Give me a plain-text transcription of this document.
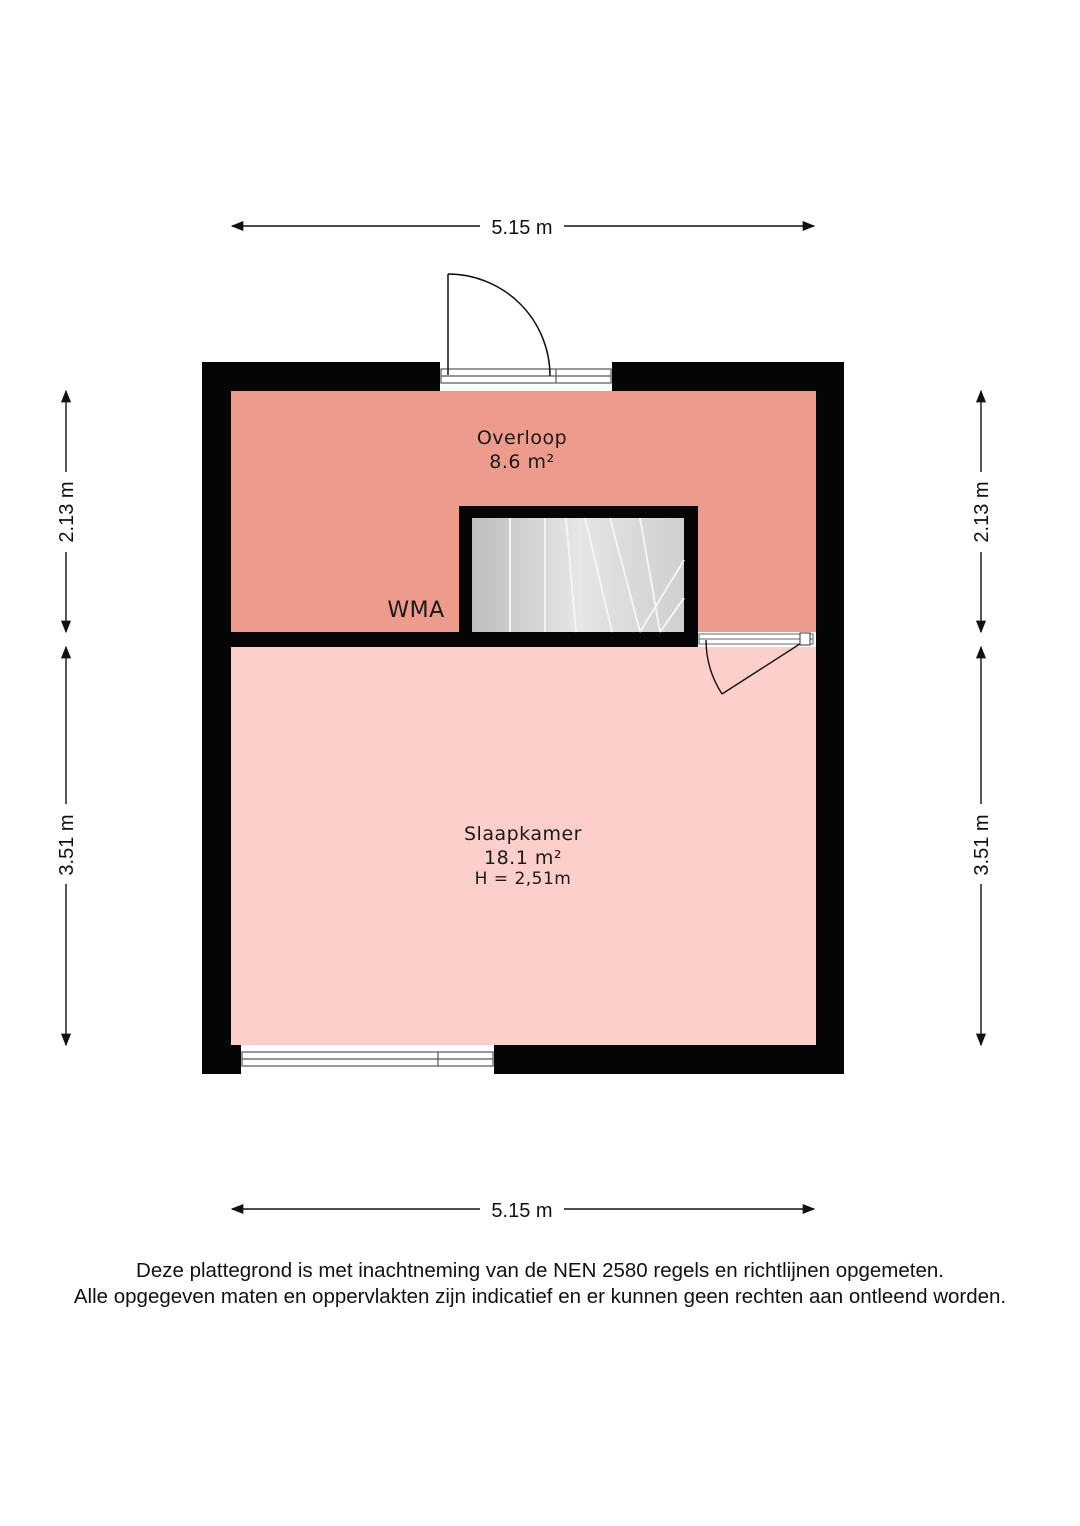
Overloop
8.6 m²
WMA
Slaapkamer
18.1 m²
H = 2,51m
5.15 m
5.15 m
2.13 m
3.51 m
2.13 m
3.51 m
Deze plattegrond is met inachtneming van de NEN 2580 regels en richtlijnen opgemeten.
Alle opgegeven maten en oppervlakten zijn indicatief en er kunnen geen rechten aan ontleend worden.
